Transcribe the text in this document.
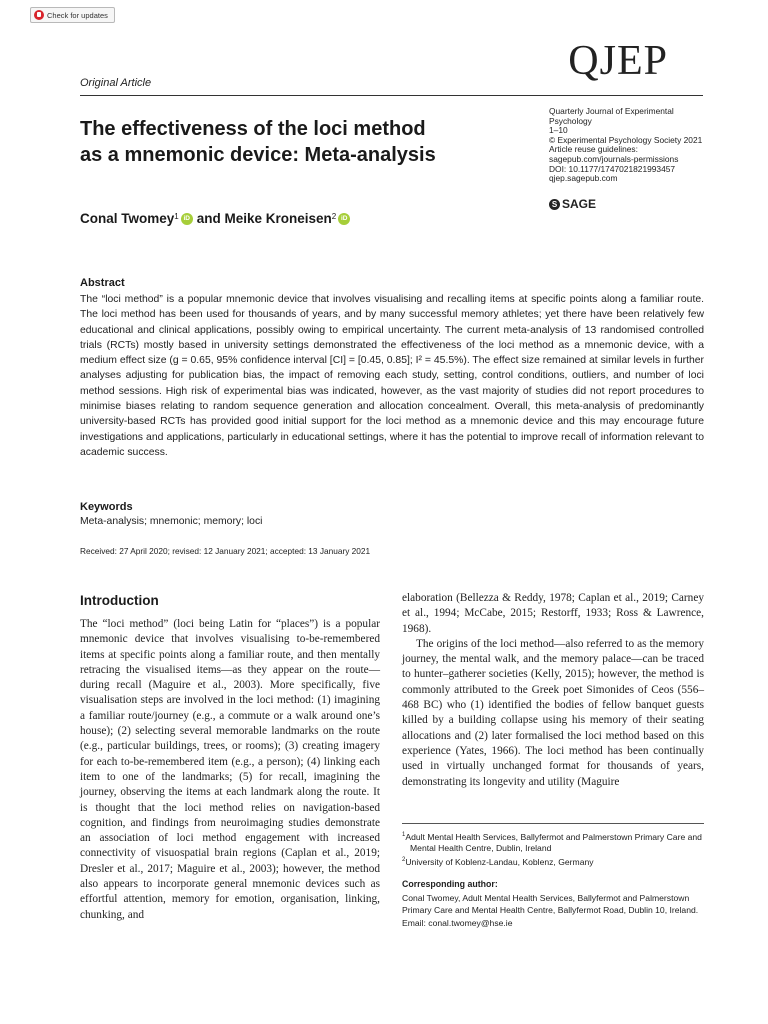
Check for updates
QJEP
Original Article
The effectiveness of the loci method
as a mnemonic device: Meta-analysis
Quarterly Journal of Experimental
Psychology
1–10
© Experimental Psychology Society 2021
Article reuse guidelines:
sagepub.com/journals-permissions
DOI: 10.1177/1747021821993457
qjep.sagepub.com
S SAGE
Conal Twomey$^1$ iD and
Meike Kroneisen$^2$ iD
Abstract
The “loci method” is a popular mnemonic device that involves visualising and recalling items at specific points along a familiar route. The loci method has been used for thousands of years, and by many successful memory athletes; yet there have been relatively few educational and clinical applications, possibly owing to empirical uncertainty. The current meta-analysis of 13 randomised controlled trials (RCTs) mostly based in university settings demonstrated the effectiveness of the loci method as a mnemonic device, with a medium effect size (g = 0.65, 95% confidence interval [CI] = [0.45, 0.85]; I² = 45.5%). The effect size remained at similar levels in further analyses adjusting for publication bias, the impact of removing each study, setting, control conditions, outliers, and number of loci method sessions. High risk of experimental bias was indicated, however, as the vast majority of studies did not report procedures to minimise biases relating to random sequence generation and allocation concealment. Overall, this meta-analysis of predominantly university-based RCTs has provided good initial support for the loci method as a mnemonic device and this may encourage future investigations and applications, particularly in educational settings, where it has the potential to improve recall of information relevant to academic success.
Keywords
Meta-analysis; mnemonic; memory; loci
Received: 27 April 2020; revised: 12 January 2021; accepted: 13 January 2021
Introduction

The “loci method” (loci being Latin for “places”) is a popular mnemonic device that involves visualising to-be-remembered items at specific points along a familiar route, and then mentally retracing the visualised items—as they appear on the route—during recall (Maguire et al., 2003). More specifically, five visualisation steps are involved in the loci method: (1) imagining a familiar route/journey (e.g., a commute or a walk around one’s house); (2) selecting several memorable landmarks on the route (e.g., particular buildings, trees, or rooms); (3) creating imagery for each to-be-remembered item (e.g., a person); (4) linking each item to one of the landmarks; (5) for recall, imagining the journey, observing the items at each landmark along the route. It is thought that the loci method relies on navigation-based cognition, and findings from neuroimaging studies demonstrate an association of loci method engagement with increased connectivity of visuospatial brain regions (Caplan et al., 2019; Dresler et al., 2017; Maguire et al., 2003); however, the method also appears to incorporate general mnemonic devices such as effortful attention, memory for emotion, organisation, linking, chunking, and

elaboration (Bellezza & Reddy, 1978; Caplan et al., 2019; Carney et al., 1994; McCabe, 2015; Restorff, 1933; Ross & Lawrence, 1968).

The origins of the loci method—also referred to as the memory journey, the mental walk, and the memory palace—can be traced to hunter–gatherer societies (Kelly, 2015); however, the method is commonly attributed to the Greek poet Simonides of Ceos (556–468 BC) who (1) identified the bodies of fellow banquet guests killed by a building collapse using his memory of their seating allocations and (2) later formalised the loci method based on this experience (Yates, 1966). The loci method has been continually used in virtually unchanged format for thousands of years, demonstrating its longevity and utility (Maguire

$^1$Adult Mental Health Services, Ballyfermot and Palmerstown Primary Care and Mental Health Centre, Dublin, Ireland
$^2$University of Koblenz-Landau, Koblenz, Germany
Corresponding author:
Conal Twomey, Adult Mental Health Services, Ballyfermot and Palmerstown Primary Care and Mental Health Centre, Ballyfermot Road, Dublin 10, Ireland.
Email: conal.twomey@hse.ie
